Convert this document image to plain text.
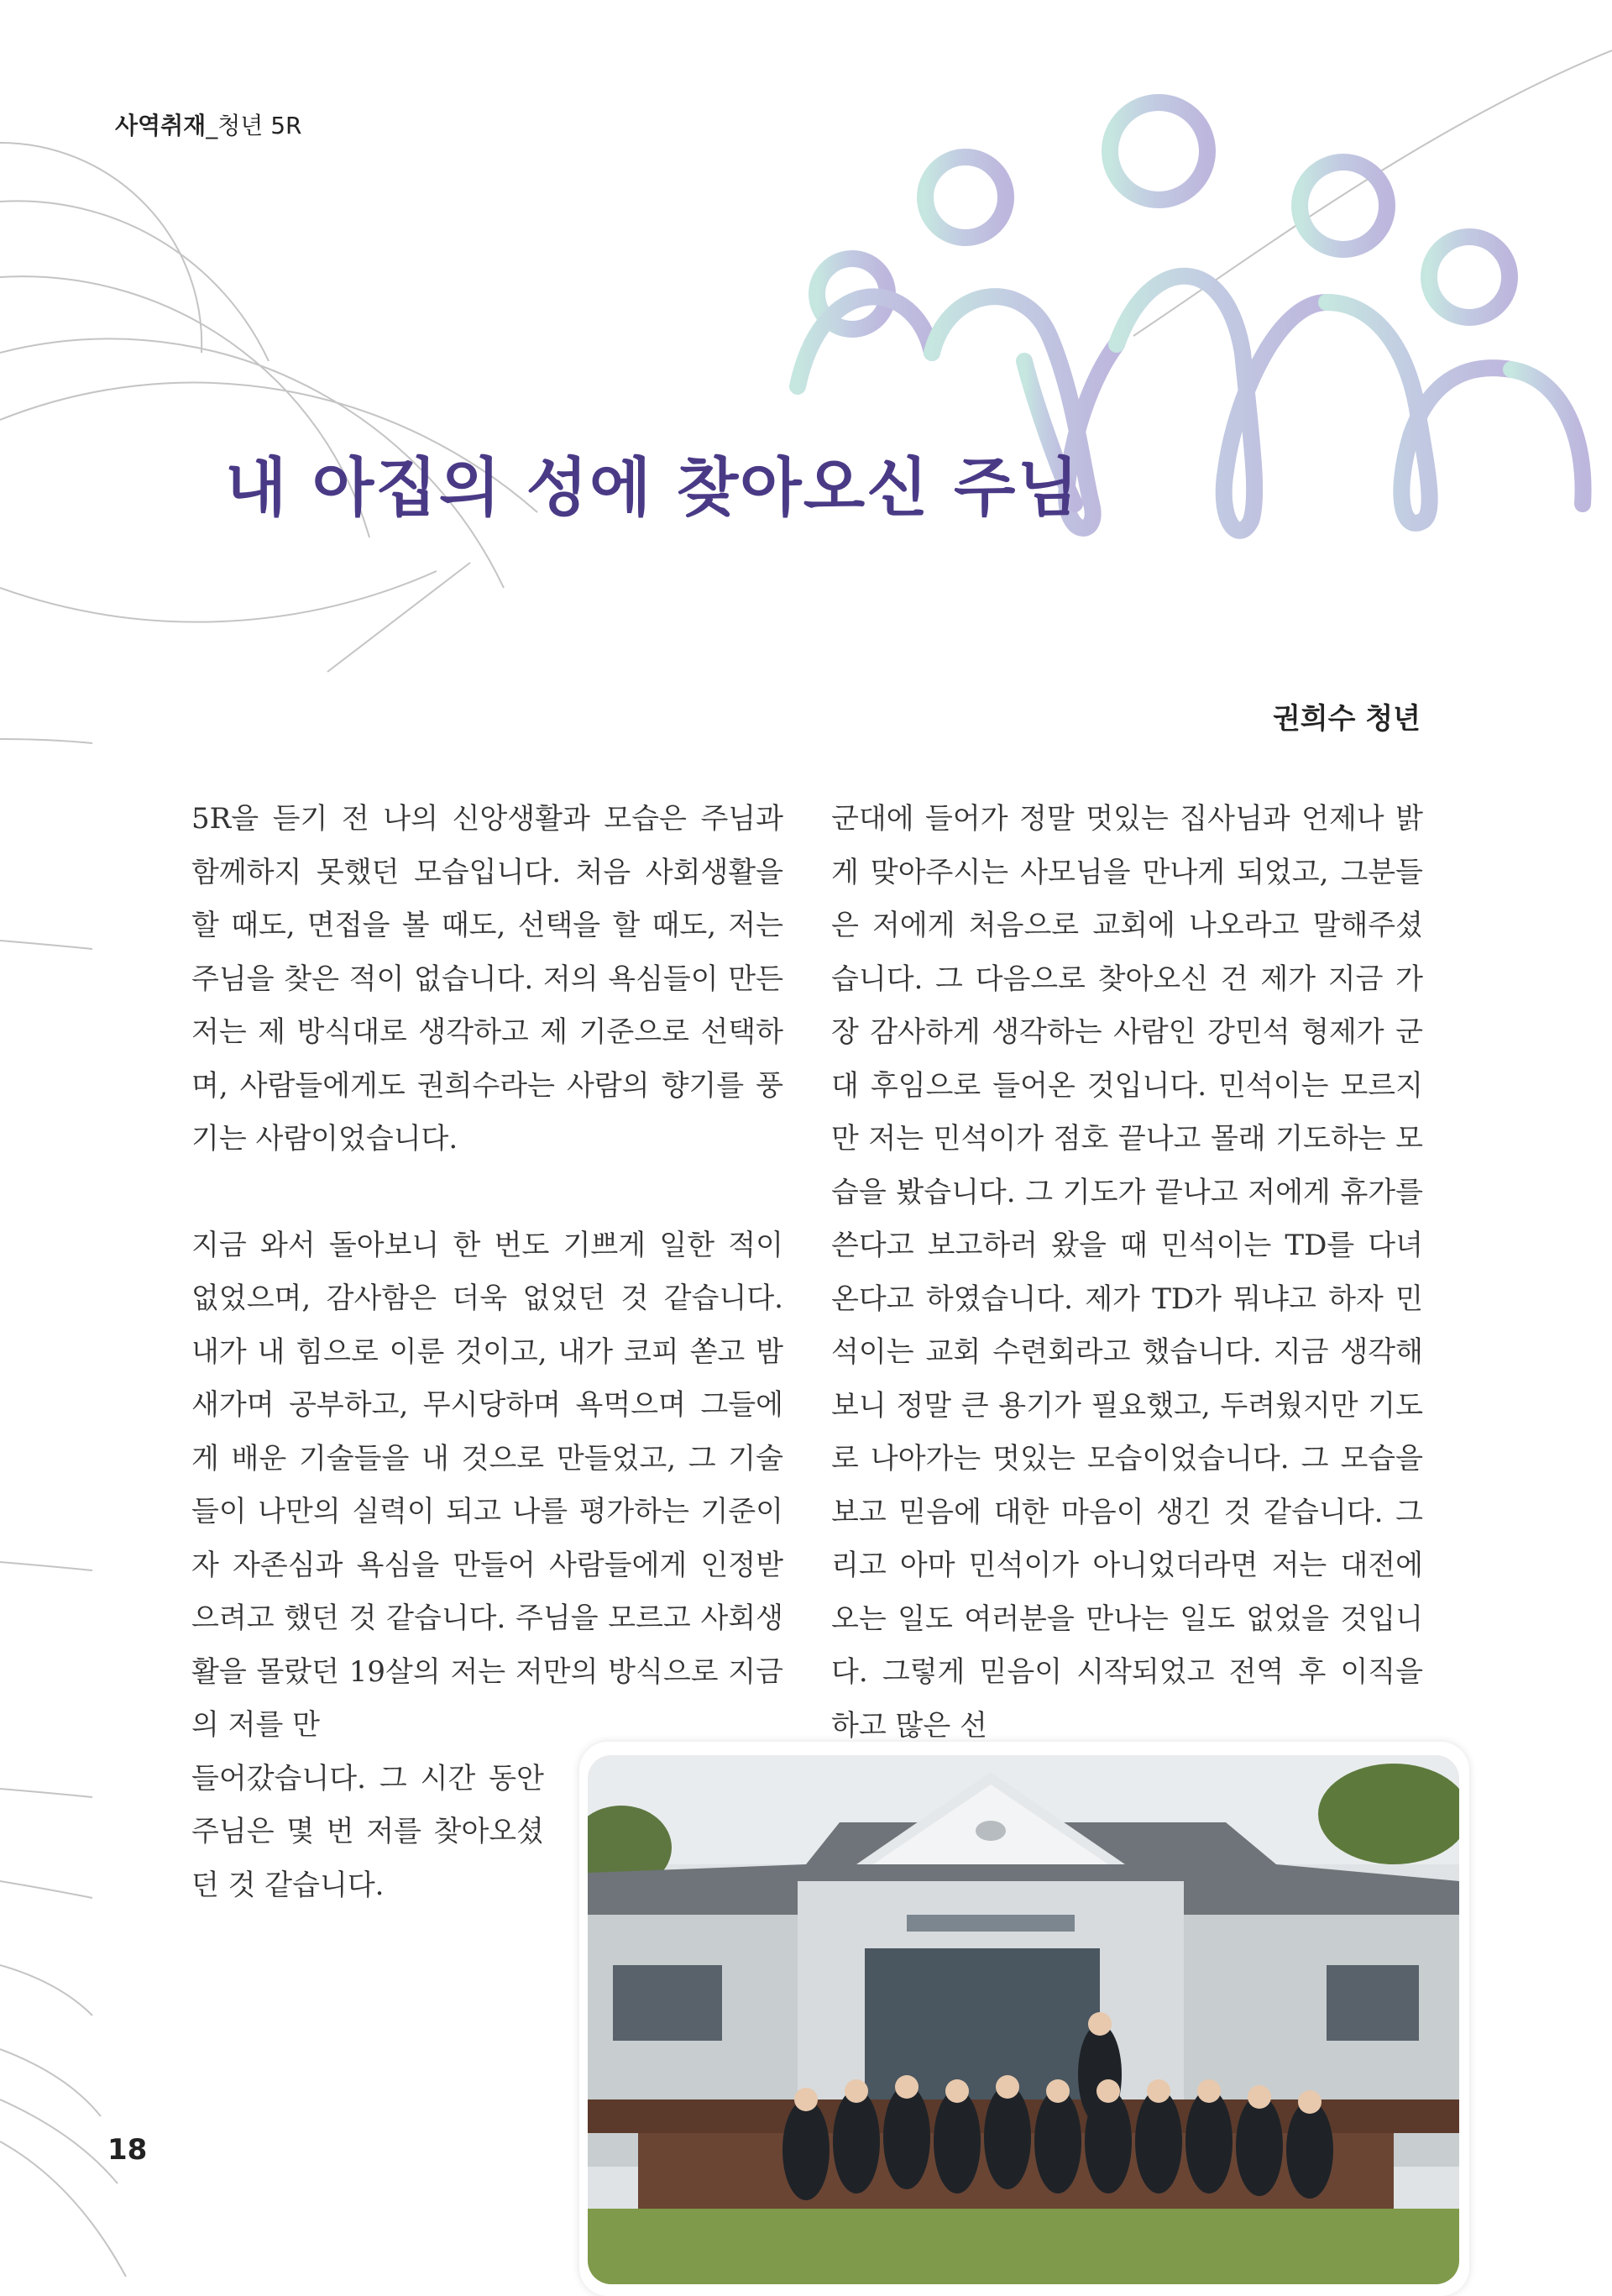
사역취재_청년 5R
내 아집의 성에 찾아오신 주님
권희수 청년

5R을 듣기 전 나의 신앙생활과 모습은 주님과 함께하지 못했던 모습입니다. 처음 사회생활을 할 때도, 면접을 볼 때도, 선택을 할 때도, 저는 주님을 찾은 적이 없습니다. 저의 욕심들이 만든 저는 제 방식대로 생각하고 제 기준으로 선택하며, 사람들에게도 권희수라는 사람의 향기를 풍기는 사람이었습니다.

지금 와서 돌아보니 한 번도 기쁘게 일한 적이 없었으며, 감사함은 더욱 없었던 것 같습니다. 내가 내 힘으로 이룬 것이고, 내가 코피 쏟고 밤새가며 공부하고, 무시당하며 욕먹으며 그들에게 배운 기술들을 내 것으로 만들었고, 그 기술들이 나만의 실력이 되고 나를 평가하는 기준이자 자존심과 욕심을 만들어 사람들에게 인정받으려고 했던 것 같습니다. 주님을 모르고 사회생활을 몰랐던 19살의 저는 저만의 방식으로 지금의 저를 만

들어갔습니다. 그 시간 동안 주님은 몇 번 저를 찾아오셨던 것 같습니다.

군대에 들어가 정말 멋있는 집사님과 언제나 밝게 맞아주시는 사모님을 만나게 되었고, 그분들은 저에게 처음으로 교회에 나오라고 말해주셨습니다. 그 다음으로 찾아오신 건 제가 지금 가장 감사하게 생각하는 사람인 강민석 형제가 군대 후임으로 들어온 것입니다. 민석이는 모르지만 저는 민석이가 점호 끝나고 몰래 기도하는 모습을 봤습니다. 그 기도가 끝나고 저에게 휴가를 쓴다고 보고하러 왔을 때 민석이는 TD를 다녀온다고 하였습니다. 제가 TD가 뭐냐고 하자 민석이는 교회 수련회라고 했습니다. 지금 생각해보니 정말 큰 용기가 필요했고, 두려웠지만 기도로 나아가는 멋있는 모습이었습니다. 그 모습을 보고 믿음에 대한 마음이 생긴 것 같습니다. 그리고 아마 민석이가 아니었더라면 저는 대전에 오는 일도 여러분을 만나는 일도 없었을 것입니다. 그렇게 믿음이 시작되었고 전역 후 이직을 하고 많은 선

18
